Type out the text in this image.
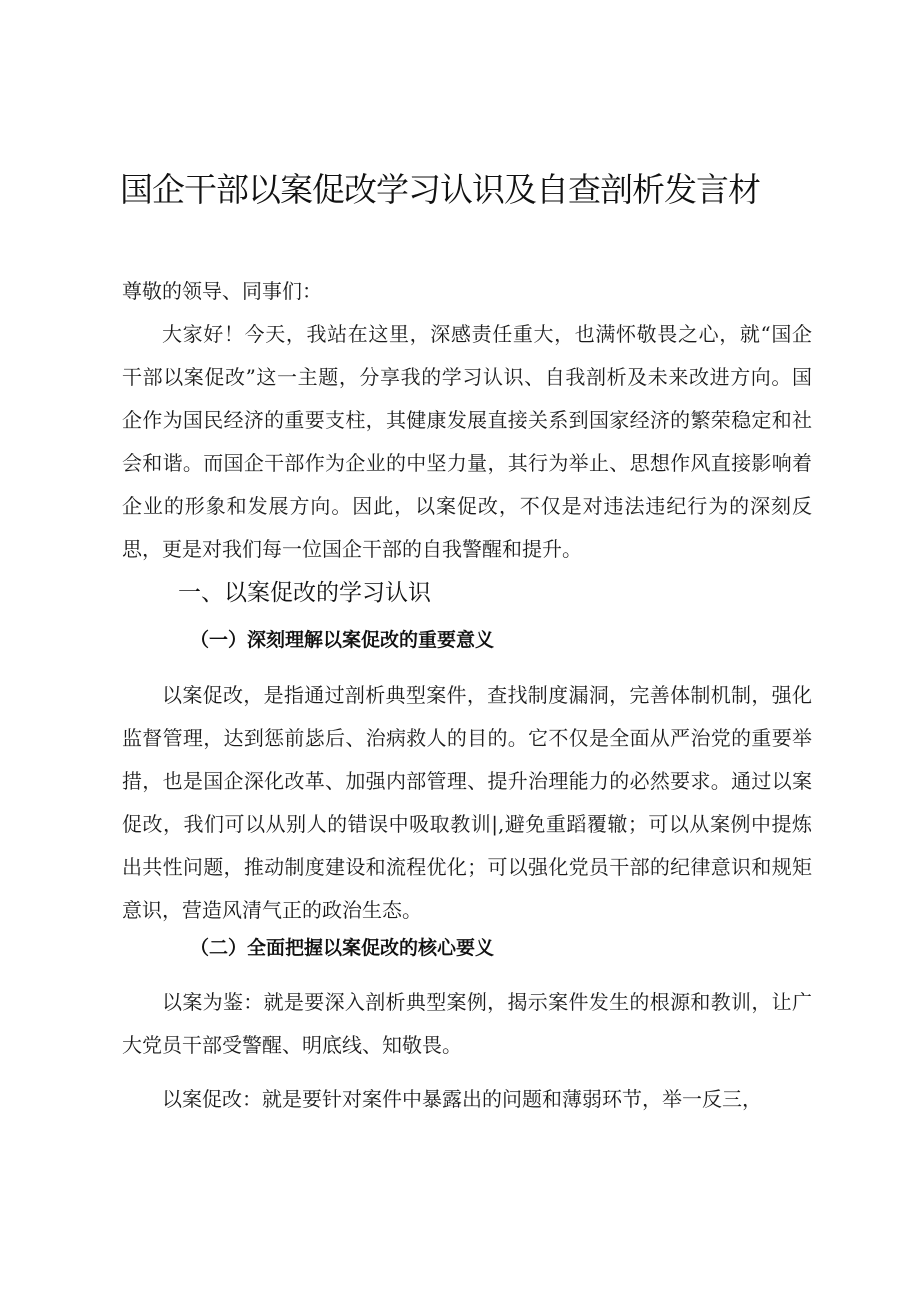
国企干部以案促改学习认识及自查剖析发言材
尊敬的领导、同事们：
大家好！今天，我站在这里，深感责任重大，也满怀敬畏之心，就“国企干部以案促改”这一主题，分享我的学习认识、自我剖析及未来改进方向。国企作为国民经济的重要支柱，其健康发展直接关系到国家经济的繁荣稳定和社会和谐。而国企干部作为企业的中坚力量，其行为举止、思想作风直接影响着企业的形象和发展方向。因此，以案促改，不仅是对违法违纪行为的深刻反思，更是对我们每一位国企干部的自我警醒和提升。
一、以案促改的学习认识
（一）深刻理解以案促改的重要意义
以案促改，是指通过剖析典型案件，查找制度漏洞，完善体制机制，强化监督管理，达到惩前毖后、治病救人的目的。它不仅是全面从严治党的重要举措，也是国企深化改革、加强内部管理、提升治理能力的必然要求。通过以案促改，我们可以从别人的错误中吸取教训|,避免重蹈覆辙；可以从案例中提炼出共性问题，推动制度建设和流程优化；可以强化党员干部的纪律意识和规矩意识，营造风清气正的政治生态。
（二）全面把握以案促改的核心要义
以案为鉴：就是要深入剖析典型案例，揭示案件发生的根源和教训，让广大党员干部受警醒、明底线、知敬畏。
以案促改：就是要针对案件中暴露出的问题和薄弱环节，举一反三，
